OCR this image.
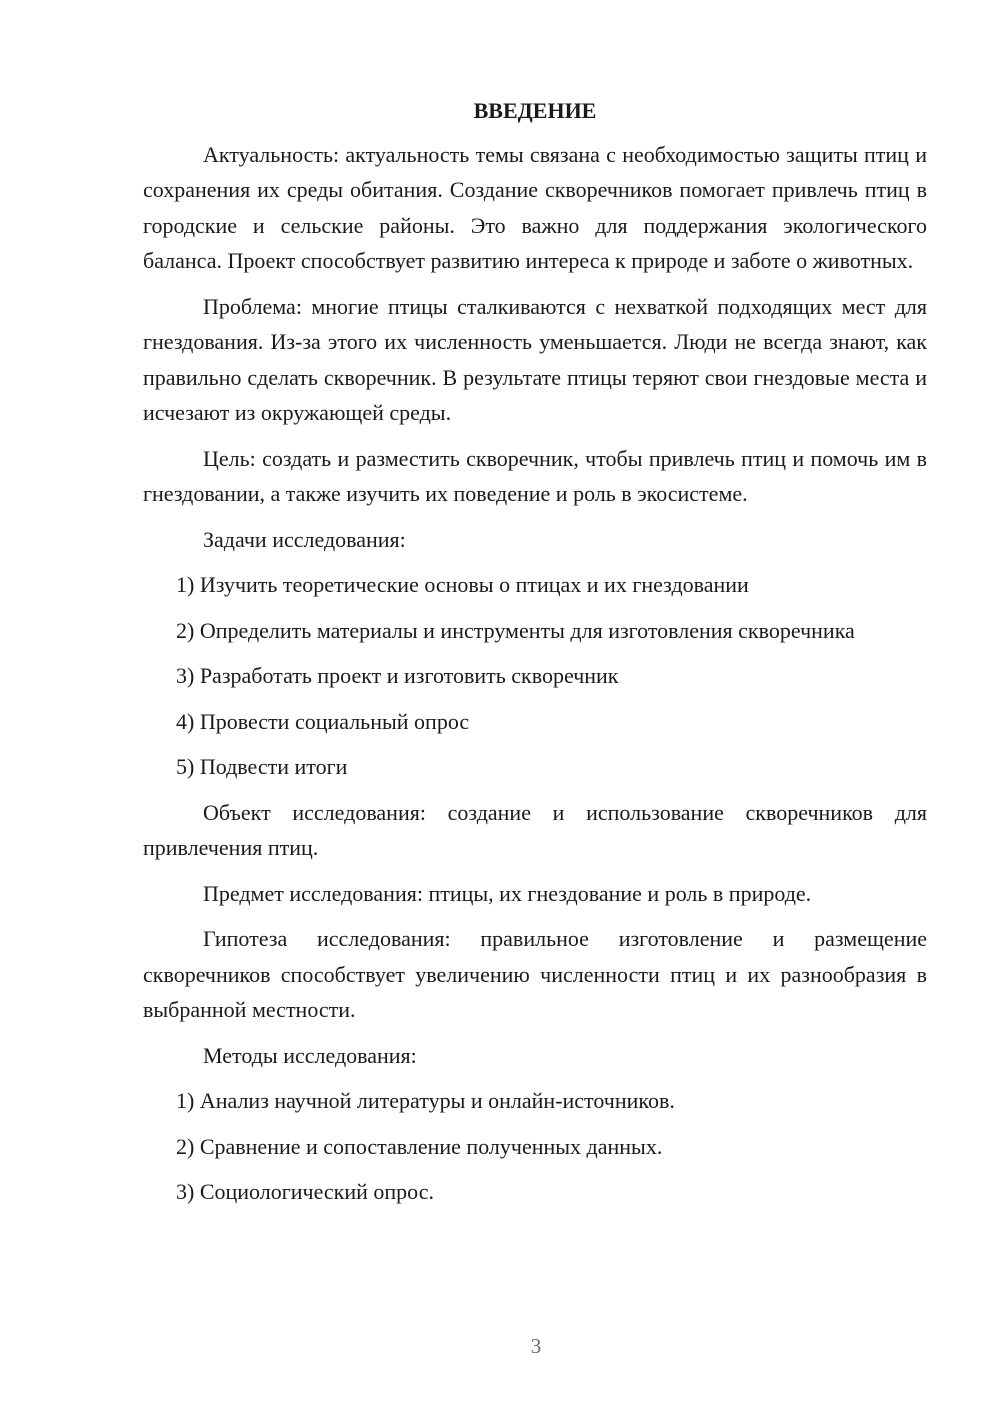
ВВЕДЕНИЕ

Актуальность: актуальность темы связана с необходимостью защиты птиц и сохранения их среды обитания. Создание скворечников помогает привлечь птиц в городские и сельские районы. Это важно для поддержания экологического баланса. Проект способствует развитию интереса к природе и заботе о животных.

Проблема: многие птицы сталкиваются с нехваткой подходящих мест для гнездования. Из-за этого их численность уменьшается. Люди не всегда знают, как правильно сделать скворечник. В результате птицы теряют свои гнездовые места и исчезают из окружающей среды.

Цель: создать и разместить скворечник, чтобы привлечь птиц и помочь им в гнездовании, а также изучить их поведение и роль в экосистеме.

Задачи исследования:

1) Изучить теоретические основы о птицах и их гнездовании

2) Определить материалы и инструменты для изготовления скворечника

3) Разработать проект и изготовить скворечник

4) Провести социальный опрос

5) Подвести итоги

Объект исследования: создание и использование скворечников для привлечения птиц.

Предмет исследования: птицы, их гнездование и роль в природе.

Гипотеза исследования: правильное изготовление и размещение скворечников способствует увеличению численности птиц и их разнообразия в выбранной местности.

Методы исследования:

1) Анализ научной литературы и онлайн-источников.

2) Сравнение и сопоставление полученных данных.

3) Социологический опрос.

3
